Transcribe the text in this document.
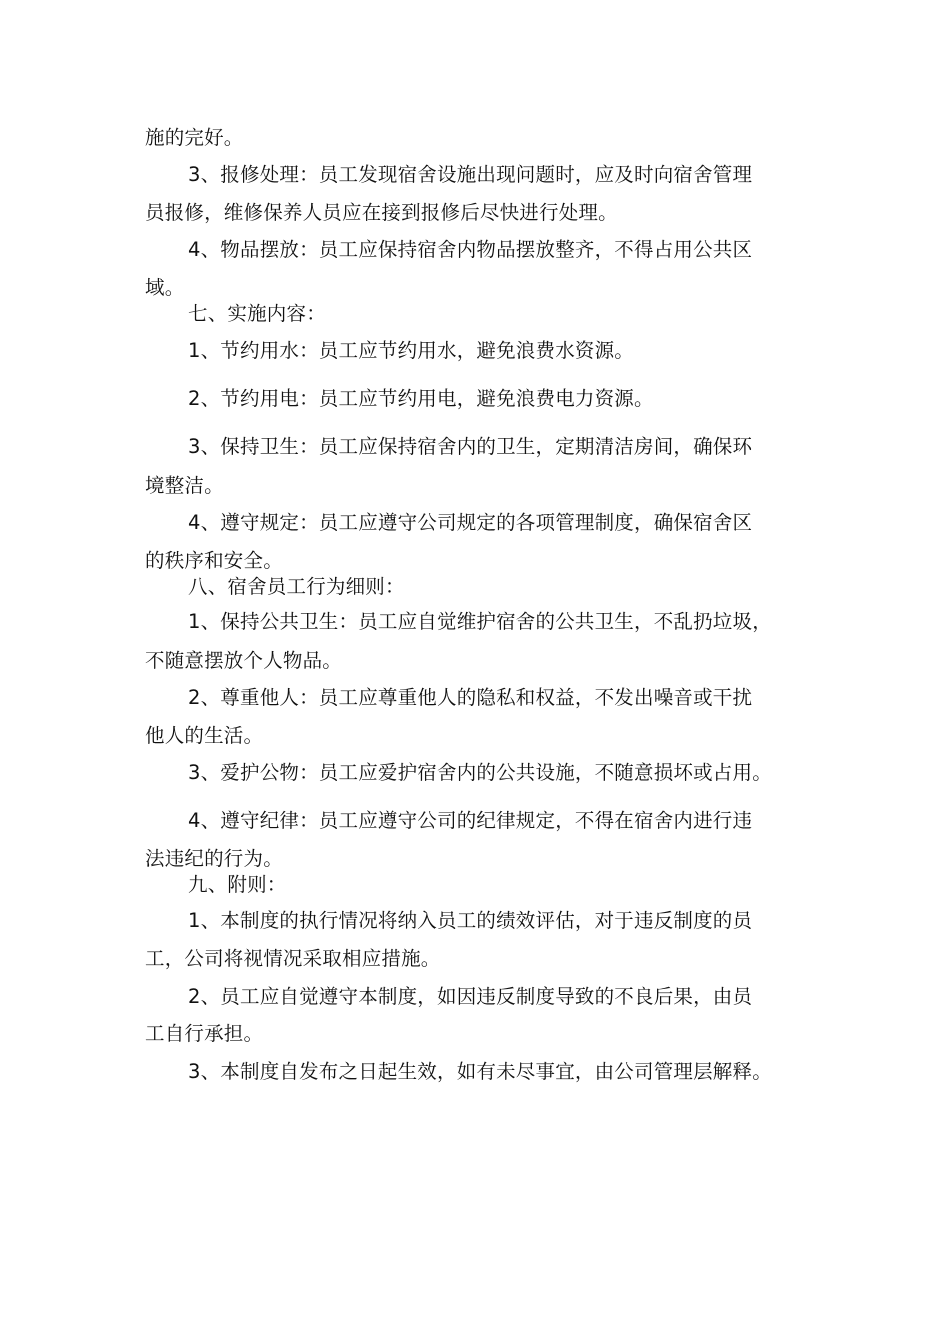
施的完好。
3、报修处理：员工发现宿舍设施出现问题时，应及时向宿舍管理
员报修，维修保养人员应在接到报修后尽快进行处理。
4、物品摆放：员工应保持宿舍内物品摆放整齐，不得占用公共区
域。
七、实施内容：
1、节约用水：员工应节约用水，避免浪费水资源。
2、节约用电：员工应节约用电，避免浪费电力资源。
3、保持卫生：员工应保持宿舍内的卫生，定期清洁房间，确保环
境整洁。
4、遵守规定：员工应遵守公司规定的各项管理制度，确保宿舍区
的秩序和安全。
八、宿舍员工行为细则：
1、保持公共卫生：员工应自觉维护宿舍的公共卫生，不乱扔垃圾，
不随意摆放个人物品。
2、尊重他人：员工应尊重他人的隐私和权益，不发出噪音或干扰
他人的生活。
3、爱护公物：员工应爱护宿舍内的公共设施，不随意损坏或占用。
4、遵守纪律：员工应遵守公司的纪律规定，不得在宿舍内进行违
法违纪的行为。
九、附则：
1、本制度的执行情况将纳入员工的绩效评估，对于违反制度的员
工，公司将视情况采取相应措施。
2、员工应自觉遵守本制度，如因违反制度导致的不良后果，由员
工自行承担。
3、本制度自发布之日起生效，如有未尽事宜，由公司管理层解释。
